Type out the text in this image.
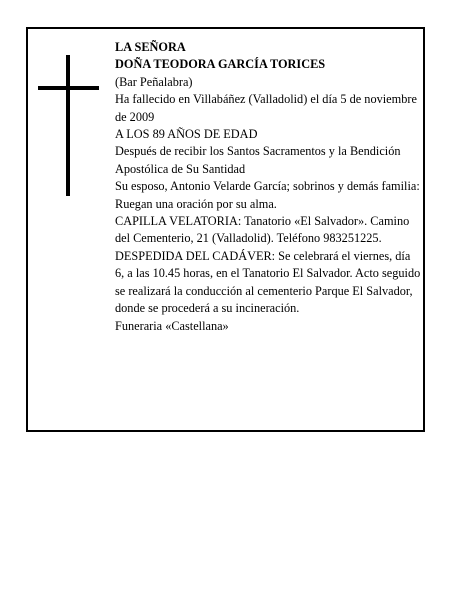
LA SEÑORA

DOÑA TEODORA GARCÍA TORICES

(Bar Peñalabra)

Ha fallecido en Villabáñez (Valladolid) el día 5 de noviembre de 2009

A LOS 89 AÑOS DE EDAD

Después de recibir los Santos Sacramentos y la Bendición Apostólica de Su Santidad

Su esposo, Antonio Velarde García; sobrinos y demás familia:

Ruegan una oración por su alma.

CAPILLA VELATORIA: Tanatorio «El Salvador». Camino del Cementerio, 21 (Valladolid). Teléfono 983251225.

DESPEDIDA DEL CADÁVER: Se celebrará el viernes, día 6, a las 10.45 horas, en el Tanatorio El Salvador. Acto seguido se realizará la conducción al cementerio Parque El Salvador, donde se procederá a su incineración.

Funeraria «Castellana»
